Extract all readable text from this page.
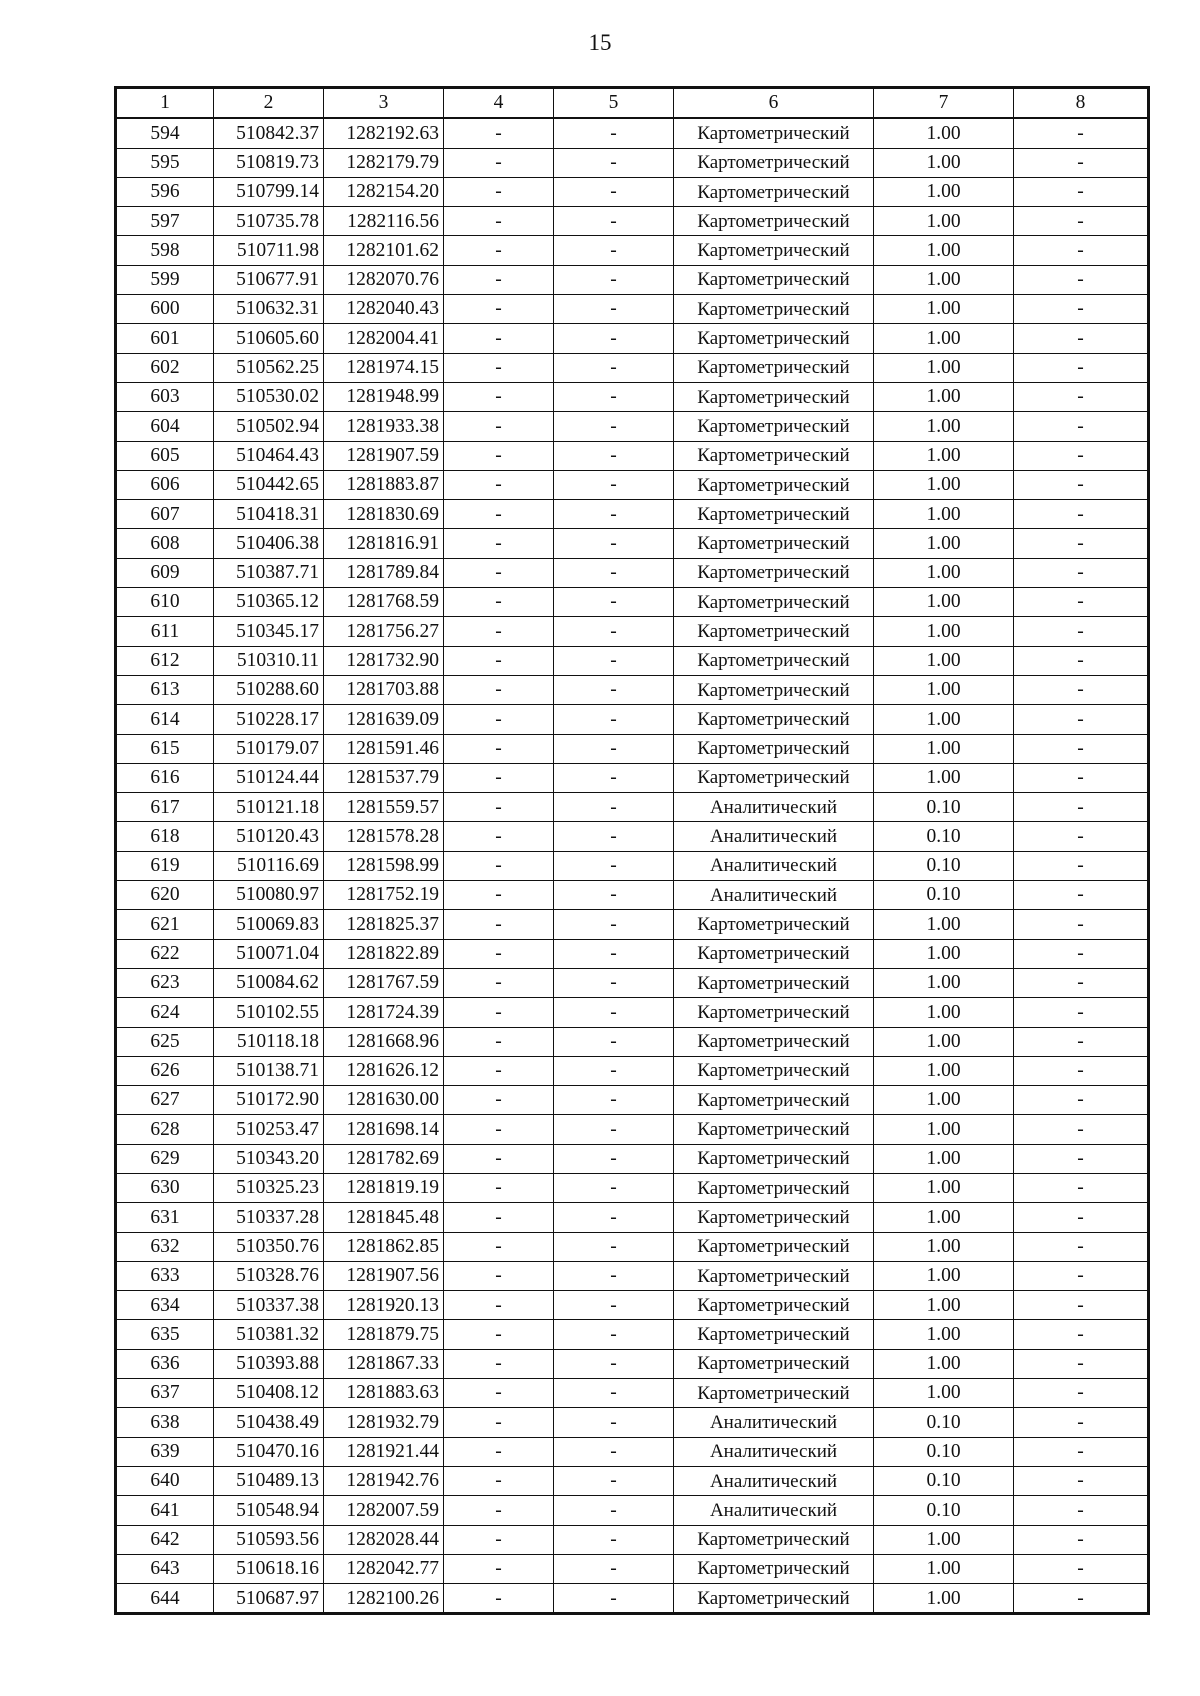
15
1	2	3	4	5	6	7	8
594	510842.37	1282192.63	-	-	Картометрический	1.00	-
595	510819.73	1282179.79	-	-	Картометрический	1.00	-
596	510799.14	1282154.20	-	-	Картометрический	1.00	-
597	510735.78	1282116.56	-	-	Картометрический	1.00	-
598	510711.98	1282101.62	-	-	Картометрический	1.00	-
599	510677.91	1282070.76	-	-	Картометрический	1.00	-
600	510632.31	1282040.43	-	-	Картометрический	1.00	-
601	510605.60	1282004.41	-	-	Картометрический	1.00	-
602	510562.25	1281974.15	-	-	Картометрический	1.00	-
603	510530.02	1281948.99	-	-	Картометрический	1.00	-
604	510502.94	1281933.38	-	-	Картометрический	1.00	-
605	510464.43	1281907.59	-	-	Картометрический	1.00	-
606	510442.65	1281883.87	-	-	Картометрический	1.00	-
607	510418.31	1281830.69	-	-	Картометрический	1.00	-
608	510406.38	1281816.91	-	-	Картометрический	1.00	-
609	510387.71	1281789.84	-	-	Картометрический	1.00	-
610	510365.12	1281768.59	-	-	Картометрический	1.00	-
611	510345.17	1281756.27	-	-	Картометрический	1.00	-
612	510310.11	1281732.90	-	-	Картометрический	1.00	-
613	510288.60	1281703.88	-	-	Картометрический	1.00	-
614	510228.17	1281639.09	-	-	Картометрический	1.00	-
615	510179.07	1281591.46	-	-	Картометрический	1.00	-
616	510124.44	1281537.79	-	-	Картометрический	1.00	-
617	510121.18	1281559.57	-	-	Аналитический	0.10	-
618	510120.43	1281578.28	-	-	Аналитический	0.10	-
619	510116.69	1281598.99	-	-	Аналитический	0.10	-
620	510080.97	1281752.19	-	-	Аналитический	0.10	-
621	510069.83	1281825.37	-	-	Картометрический	1.00	-
622	510071.04	1281822.89	-	-	Картометрический	1.00	-
623	510084.62	1281767.59	-	-	Картометрический	1.00	-
624	510102.55	1281724.39	-	-	Картометрический	1.00	-
625	510118.18	1281668.96	-	-	Картометрический	1.00	-
626	510138.71	1281626.12	-	-	Картометрический	1.00	-
627	510172.90	1281630.00	-	-	Картометрический	1.00	-
628	510253.47	1281698.14	-	-	Картометрический	1.00	-
629	510343.20	1281782.69	-	-	Картометрический	1.00	-
630	510325.23	1281819.19	-	-	Картометрический	1.00	-
631	510337.28	1281845.48	-	-	Картометрический	1.00	-
632	510350.76	1281862.85	-	-	Картометрический	1.00	-
633	510328.76	1281907.56	-	-	Картометрический	1.00	-
634	510337.38	1281920.13	-	-	Картометрический	1.00	-
635	510381.32	1281879.75	-	-	Картометрический	1.00	-
636	510393.88	1281867.33	-	-	Картометрический	1.00	-
637	510408.12	1281883.63	-	-	Картометрический	1.00	-
638	510438.49	1281932.79	-	-	Аналитический	0.10	-
639	510470.16	1281921.44	-	-	Аналитический	0.10	-
640	510489.13	1281942.76	-	-	Аналитический	0.10	-
641	510548.94	1282007.59	-	-	Аналитический	0.10	-
642	510593.56	1282028.44	-	-	Картометрический	1.00	-
643	510618.16	1282042.77	-	-	Картометрический	1.00	-
644	510687.97	1282100.26	-	-	Картометрический	1.00	-
